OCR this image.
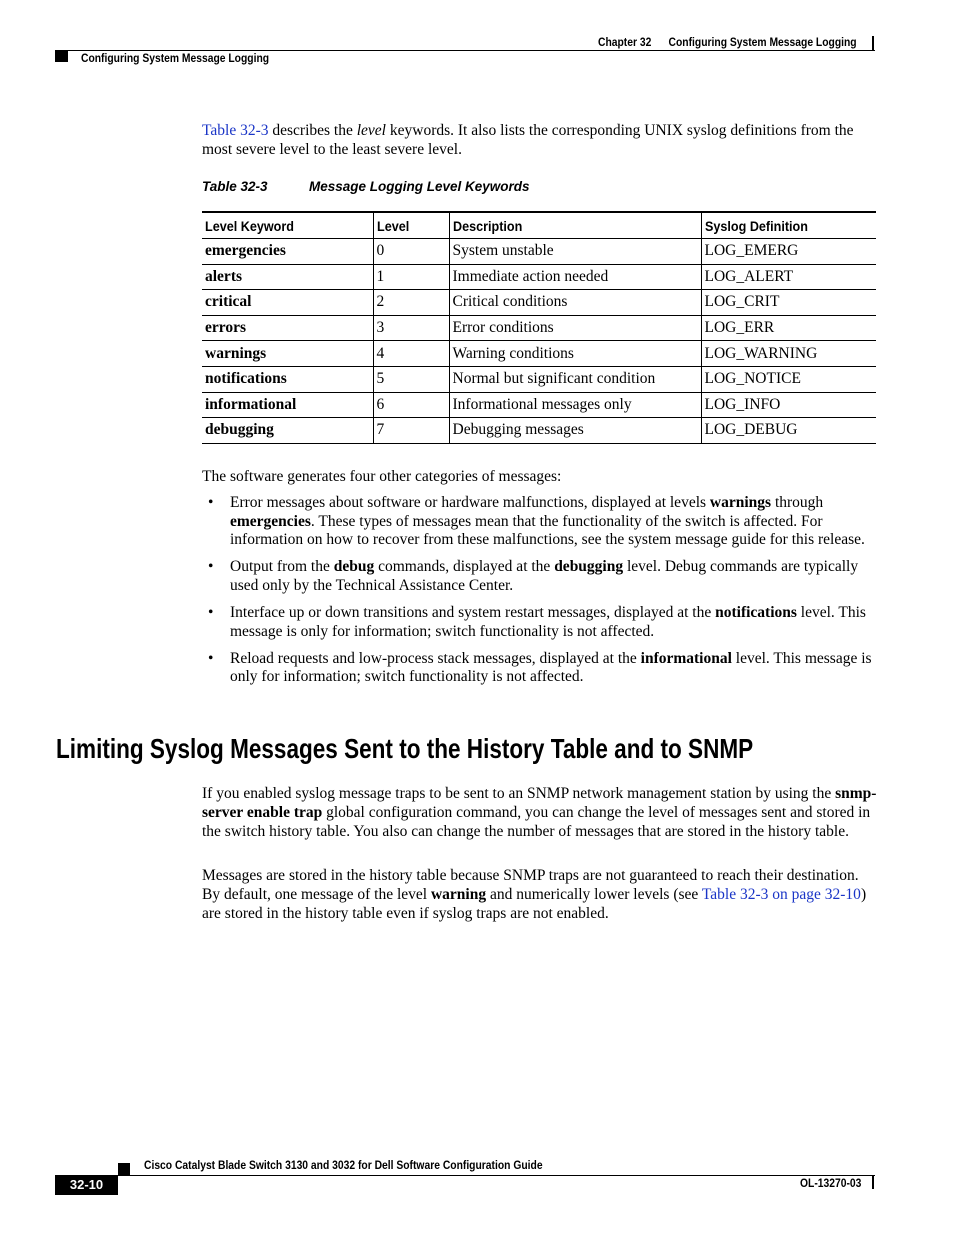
Chapter 32 Configuring System Message Logging
Configuring System Message Logging

Table 32-3 describes the level keywords. It also lists the corresponding UNIX syslog definitions from the most severe level to the least severe level.

Table 32-3	Message Logging Level Keywords
Level Keyword	Level	Description	Syslog Definition
emergencies	0	System unstable	LOG_EMERG
alerts	1	Immediate action needed	LOG_ALERT
critical	2	Critical conditions	LOG_CRIT
errors	3	Error conditions	LOG_ERR
warnings	4	Warning conditions	LOG_WARNING
notifications	5	Normal but significant condition	LOG_NOTICE
informational	6	Informational messages only	LOG_INFO
debugging	7	Debugging messages	LOG_DEBUG

The software generates four other categories of messages:

• Error messages about software or hardware malfunctions, displayed at levels warnings through emergencies. These types of messages mean that the functionality of the switch is affected. For information on how to recover from these malfunctions, see the system message guide for this release.
• Output from the debug commands, displayed at the debugging level. Debug commands are typically used only by the Technical Assistance Center.
• Interface up or down transitions and system restart messages, displayed at the notifications level. This message is only for information; switch functionality is not affected.
• Reload requests and low-process stack messages, displayed at the informational level. This message is only for information; switch functionality is not affected.
Limiting Syslog Messages Sent to the History Table and to SNMP

If you enabled syslog message traps to be sent to an SNMP network management station by using the snmp-server enable trap global configuration command, you can change the level of messages sent and stored in the switch history table. You also can change the number of messages that are stored in the history table.

Messages are stored in the history table because SNMP traps are not guaranteed to reach their destination. By default, one message of the level warning and numerically lower levels (see Table 32-3 on page 32-10) are stored in the history table even if syslog traps are not enabled.

Cisco Catalyst Blade Switch 3130 and 3032 for Dell Software Configuration Guide
32-10	OL-13270-03
